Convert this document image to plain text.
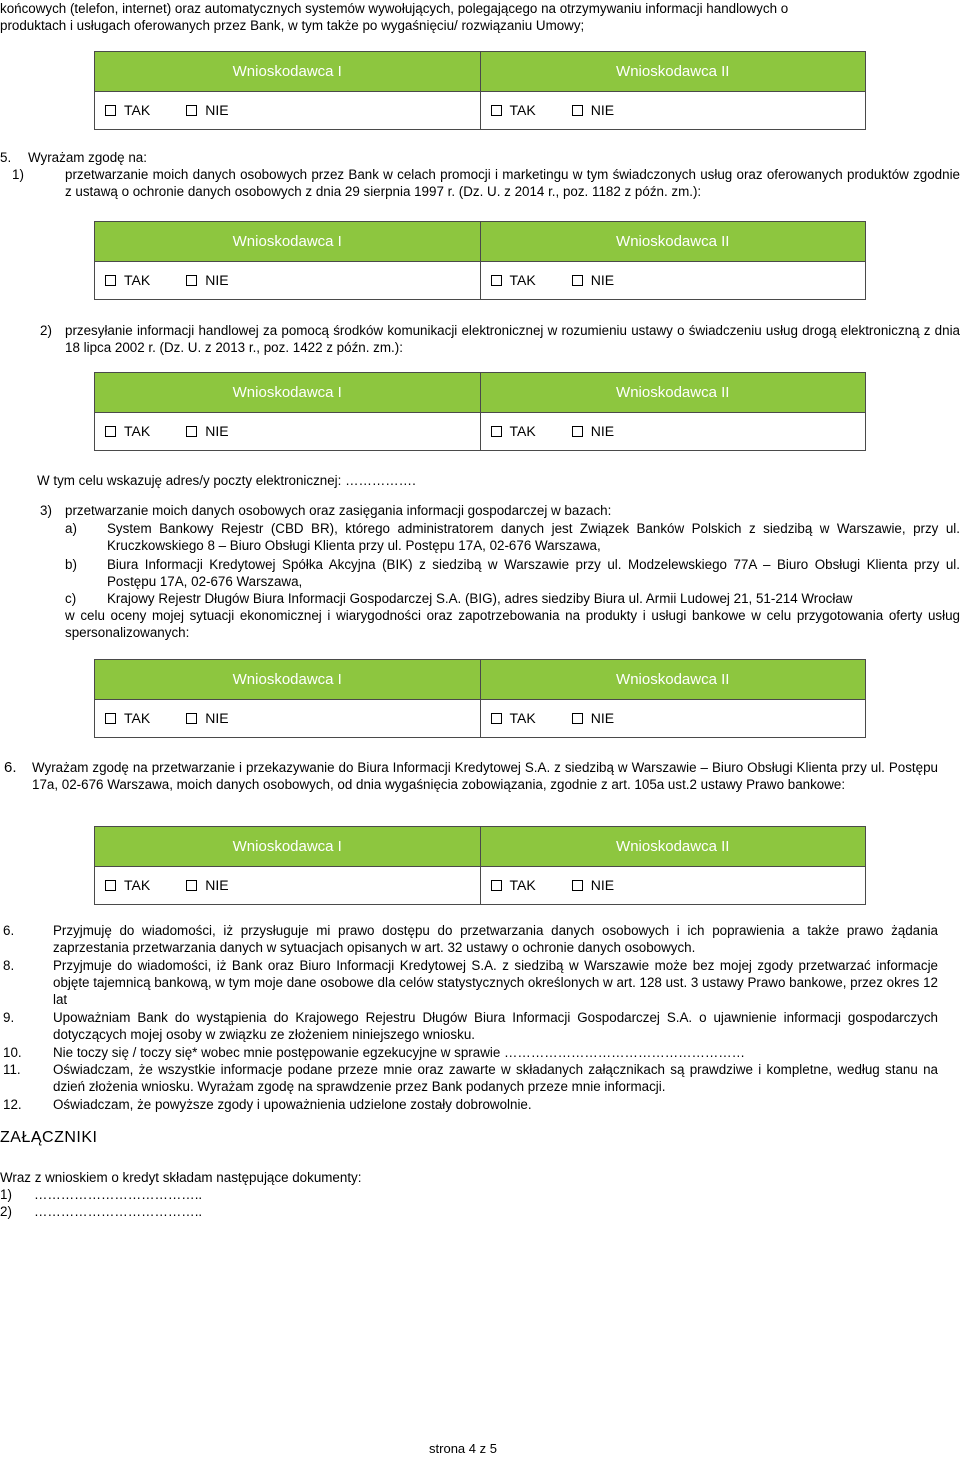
końcowych (telefon, internet) oraz automatycznych systemów wywołujących, polegającego na otrzymywaniu informacji handlowych o
produktach i usługach oferowanych przez Bank, w tym także po wygaśnięciu/ rozwiązaniu Umowy;
Wnioskodawca I	Wnioskodawca II
TAK	NIE	TAK	NIE
5. Wyrażam zgodę na:
1)	przetwarzanie moich danych osobowych przez Bank w celach promocji i marketingu w tym świadczonych usług oraz oferowanych produktów zgodnie z ustawą o ochronie danych osobowych z dnia 29 sierpnia 1997 r. (Dz. U. z 2014 r., poz. 1182 z późn. zm.):
Wnioskodawca I	Wnioskodawca II
TAK	NIE	TAK	NIE
2) przesyłanie informacji handlowej za pomocą środków komunikacji elektronicznej w rozumieniu ustawy o świadczeniu usług drogą elektroniczną z dnia 18 lipca 2002 r. (Dz. U. z 2013 r., poz. 1422 z późn. zm.):
Wnioskodawca I	Wnioskodawca II
TAK	NIE	TAK	NIE
W tym celu wskazuję adres/y poczty elektronicznej: …………….
3) przetwarzanie moich danych osobowych oraz zasięgania informacji gospodarczej w bazach:
a) System Bankowy Rejestr (CBD BR), którego administratorem danych jest Związek Banków Polskich z siedzibą w Warszawie, przy ul. Kruczkowskiego 8 – Biuro Obsługi Klienta przy ul. Postępu 17A, 02-676 Warszawa,
b) Biura Informacji Kredytowej Spółka Akcyjna (BIK) z siedzibą w Warszawie przy ul. Modzelewskiego 77A – Biuro Obsługi Klienta przy ul. Postępu 17A, 02-676 Warszawa,
c) Krajowy Rejestr Długów Biura Informacji Gospodarczej S.A. (BIG), adres siedziby Biura ul. Armii Ludowej 21, 51-214 Wrocław
w celu oceny mojej sytuacji ekonomicznej i wiarygodności oraz zapotrzebowania na produkty i usługi bankowe w celu przygotowania oferty usług spersonalizowanych:
Wnioskodawca I	Wnioskodawca II
TAK	NIE	TAK	NIE
6. Wyrażam zgodę na przetwarzanie i przekazywanie do Biura Informacji Kredytowej S.A. z siedzibą w Warszawie – Biuro Obsługi Klienta przy ul. Postępu 17a, 02-676 Warszawa, moich danych osobowych, od dnia wygaśnięcia zobowiązania, zgodnie z art. 105a ust.2 ustawy Prawo bankowe:
Wnioskodawca I	Wnioskodawca II
TAK	NIE	TAK	NIE
6.	Przyjmuję do wiadomości, iż przysługuje mi prawo dostępu do przetwarzania danych osobowych i ich poprawienia a także prawo żądania zaprzestania przetwarzania danych w sytuacjach opisanych w art. 32 ustawy o ochronie danych osobowych.
8.	Przyjmuje do wiadomości, iż Bank oraz Biuro Informacji Kredytowej S.A. z siedzibą w Warszawie może bez mojej zgody przetwarzać informacje objęte tajemnicą bankową, w tym moje dane osobowe dla celów statystycznych określonych w art. 128 ust. 3 ustawy Prawo bankowe, przez okres 12 lat
9.	Upoważniam Bank do wystąpienia do Krajowego Rejestru Długów Biura Informacji Gospodarczej S.A. o ujawnienie informacji gospodarczych dotyczących mojej osoby w związku ze złożeniem niniejszego wniosku.
10. Nie toczy się / toczy się* wobec mnie postępowanie egzekucyjne w sprawie ………………………………………………
11. Oświadczam, że wszystkie informacje podane przeze mnie oraz zawarte w składanych załącznikach są prawdziwe i kompletne, według stanu na dzień złożenia wniosku. Wyrażam zgodę na sprawdzenie przez Bank podanych przeze mnie informacji.
12. Oświadczam, że powyższe zgody i upoważnienia udzielone zostały dobrowolnie.
ZAŁĄCZNIKI
Wraz z wnioskiem o kredyt składam następujące dokumenty:
1) ………………………………..
2) ………………………………..
strona 4 z 5
